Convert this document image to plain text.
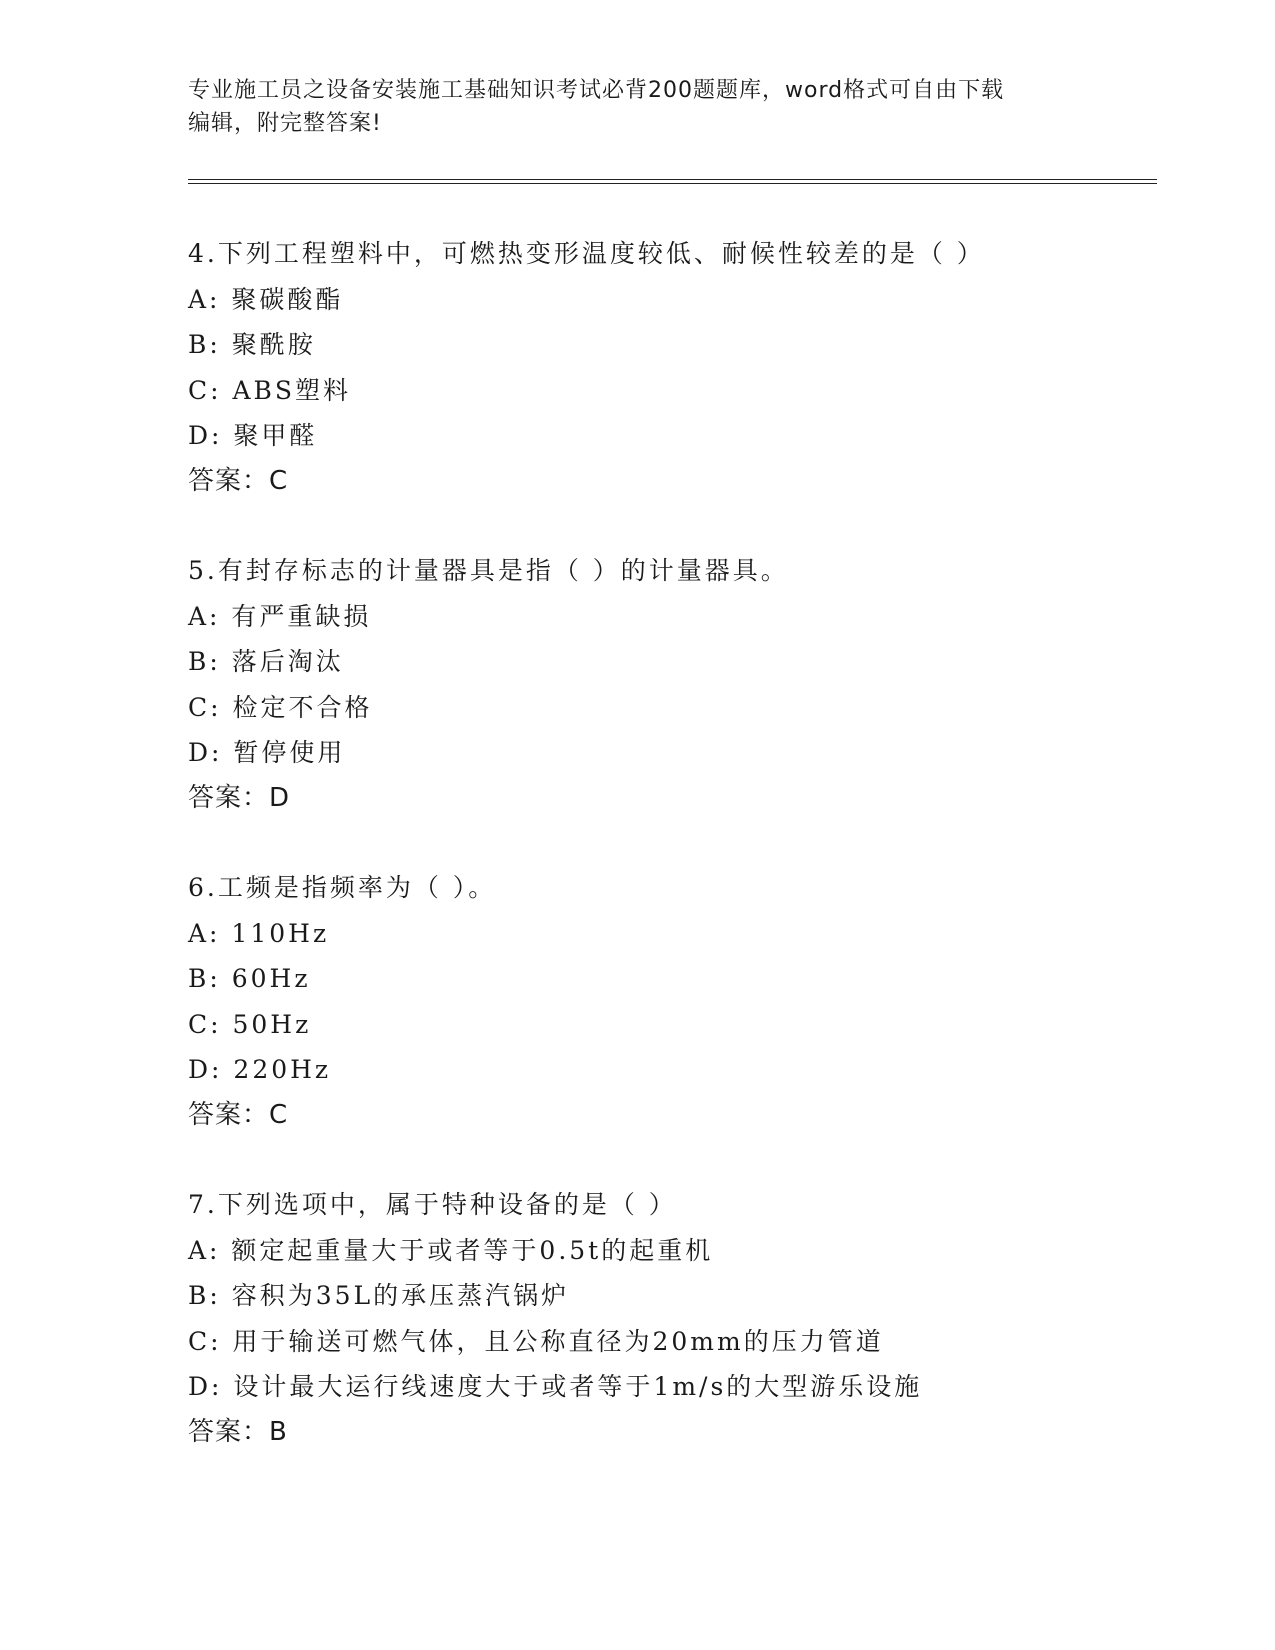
专业施工员之设备安装施工基础知识考试必背200题题库，word格式可自由下载
编辑，附完整答案!
4.下列工程塑料中，可燃热变形温度较低、耐候性较差的是（ ）
A: 聚碳酸酯
B: 聚酰胺
C: ABS塑料
D: 聚甲醛
答案：C
5.有封存标志的计量器具是指（ ）的计量器具。
A: 有严重缺损
B: 落后淘汰
C: 检定不合格
D: 暂停使用
答案：D
6.工频是指频率为（ ）。
A: 110Hz
B: 60Hz
C: 50Hz
D: 220Hz
答案：C
7.下列选项中，属于特种设备的是（ ）
A: 额定起重量大于或者等于0.5t的起重机
B: 容积为35L的承压蒸汽锅炉
C: 用于输送可燃气体，且公称直径为20mm的压力管道
D: 设计最大运行线速度大于或者等于1m/s的大型游乐设施
答案：B
